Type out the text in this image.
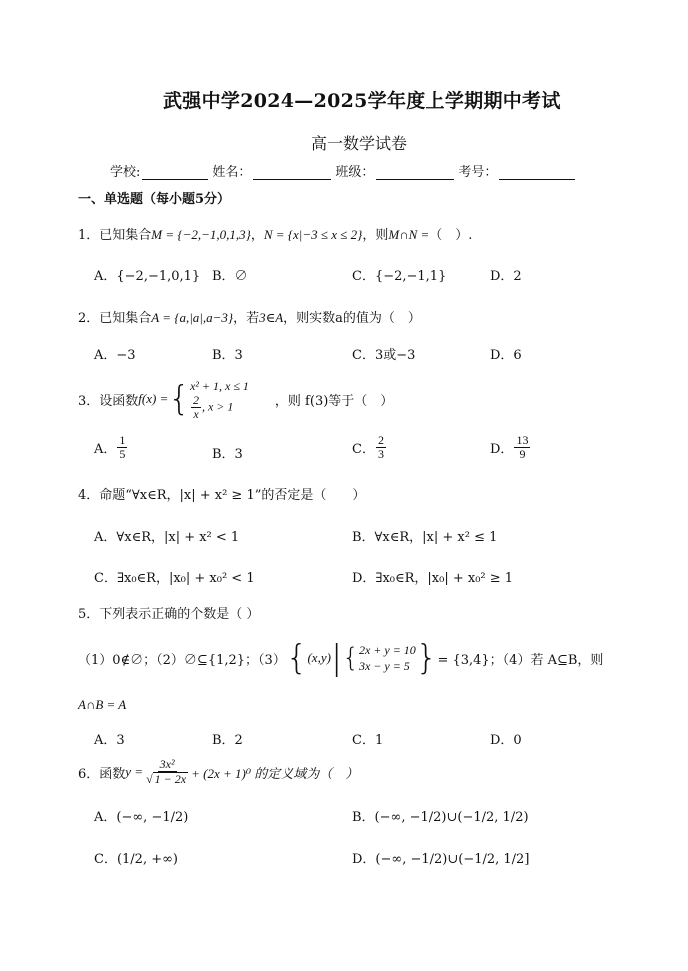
武强中学2024—2025学年度上学期期中考试
高一数学试卷
学校:	姓名：	班级：	考号：
一、单选题（每小题5分）
1．已知集合M = {−2,−1,0,1,3}，N = {x|−3 ≤ x ≤ 2}，则M∩N =（　）.
A．{−2,−1,0,1} B．∅	C．{−2,−1,1}	D．2
2．已知集合A = {a,|a|,a−3}，若3∈A，则实数a的值为（　）
A．−3	B．3	C．3或−3	D．6
3．设函数 f(x) = { x² + 1, x ≤ 1
$\frac{2}{x}$ , x > 1	，则 f(3)等于（　）
A． $\frac{1}{5}$	B．3	C． $\frac{2}{3}$	D． $\frac{13}{9}$
4．命题“∀x∈R，|x| + x² ≥ 1”的否定是（　　）
A．∀x∈R，|x| + x² < 1	B．∀x∈R，|x| + x² ≤ 1
C．∃x₀∈R，|x₀| + x₀² < 1	D．∃x₀∈R，|x₀| + x₀² ≥ 1
5．下列表示正确的个数是（ ）
（1）0∉∅；（2）∅⊆{1,2}；（3） { (x,y) | { 2x + y = 10
3x − y = 5 } = {3,4}；（4）若 A⊆B，则
A∩B = A
A．3	B．2	C．1	D．0
6．函数 $y = \frac{\text{3x²}}{√ 1 - 2x} + (2x + 1)^0$ 的定义域为（　）
A．(−∞, −1/2)	B．(−∞, −1/2)∪(−1/2, 1/2)
C．(1/2, +∞)	D．(−∞, −1/2)∪(−1/2, 1/2]
